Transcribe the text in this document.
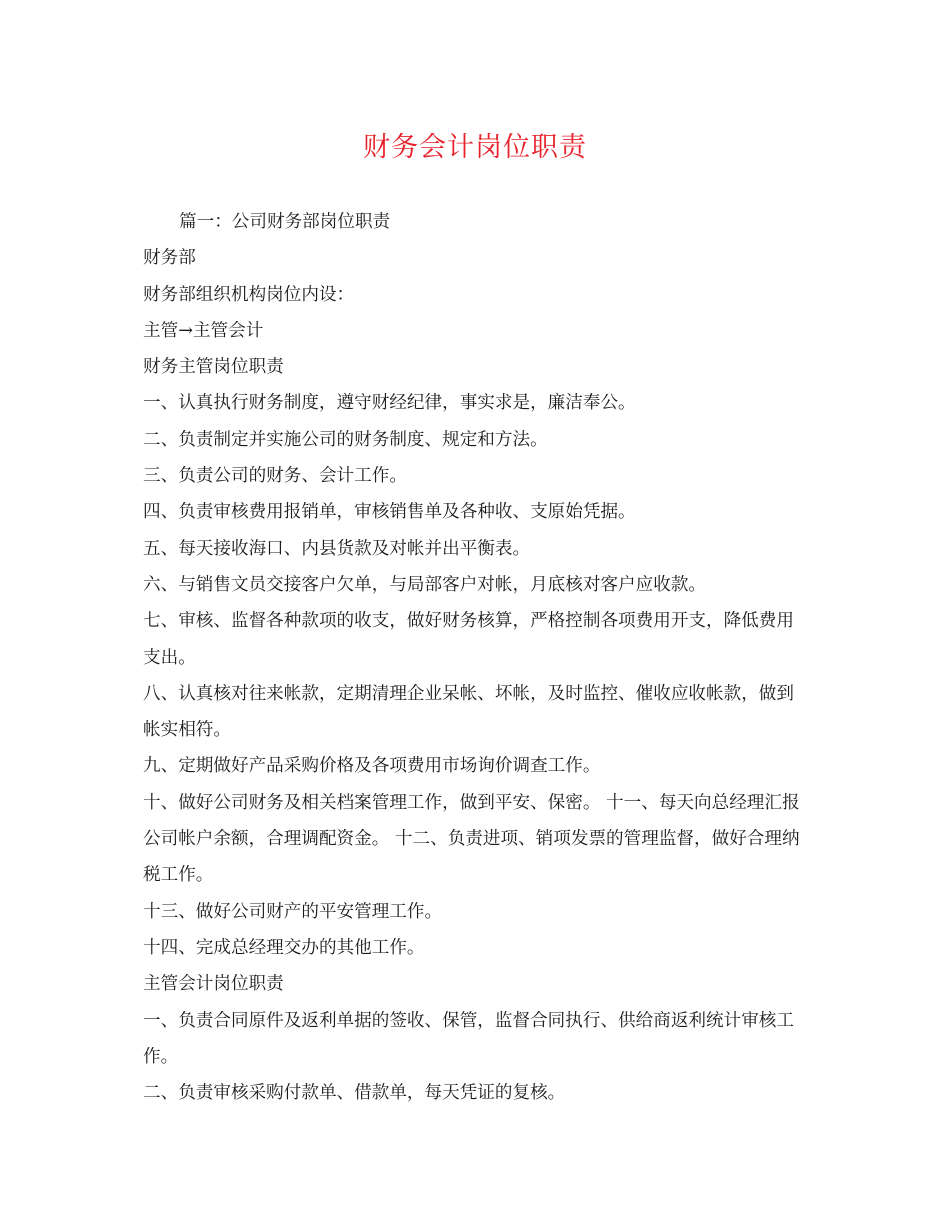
财务会计岗位职责

篇一：公司财务部岗位职责

财务部

财务部组织机构岗位内设：

主管→主管会计

财务主管岗位职责

一、认真执行财务制度，遵守财经纪律，事实求是，廉洁奉公。

二、负责制定并实施公司的财务制度、规定和方法。

三、负责公司的财务、会计工作。

四、负责审核费用报销单，审核销售单及各种收、支原始凭据。

五、每天接收海口、内县货款及对帐并出平衡表。

六、与销售文员交接客户欠单，与局部客户对帐，月底核对客户应收款。

七、审核、监督各种款项的收支，做好财务核算，严格控制各项费用开支，降低费用支出。

八、认真核对往来帐款，定期清理企业呆帐、坏帐，及时监控、催收应收帐款，做到帐实相符。

九、定期做好产品采购价格及各项费用市场询价调查工作。

十、做好公司财务及相关档案管理工作，做到平安、保密。 十一、每天向总经理汇报公司帐户余额，合理调配资金。 十二、负责进项、销项发票的管理监督，做好合理纳税工作。

十三、做好公司财产的平安管理工作。

十四、完成总经理交办的其他工作。

主管会计岗位职责

一、负责合同原件及返利单据的签收、保管，监督合同执行、供给商返利统计审核工作。

二、负责审核采购付款单、借款单，每天凭证的复核。
